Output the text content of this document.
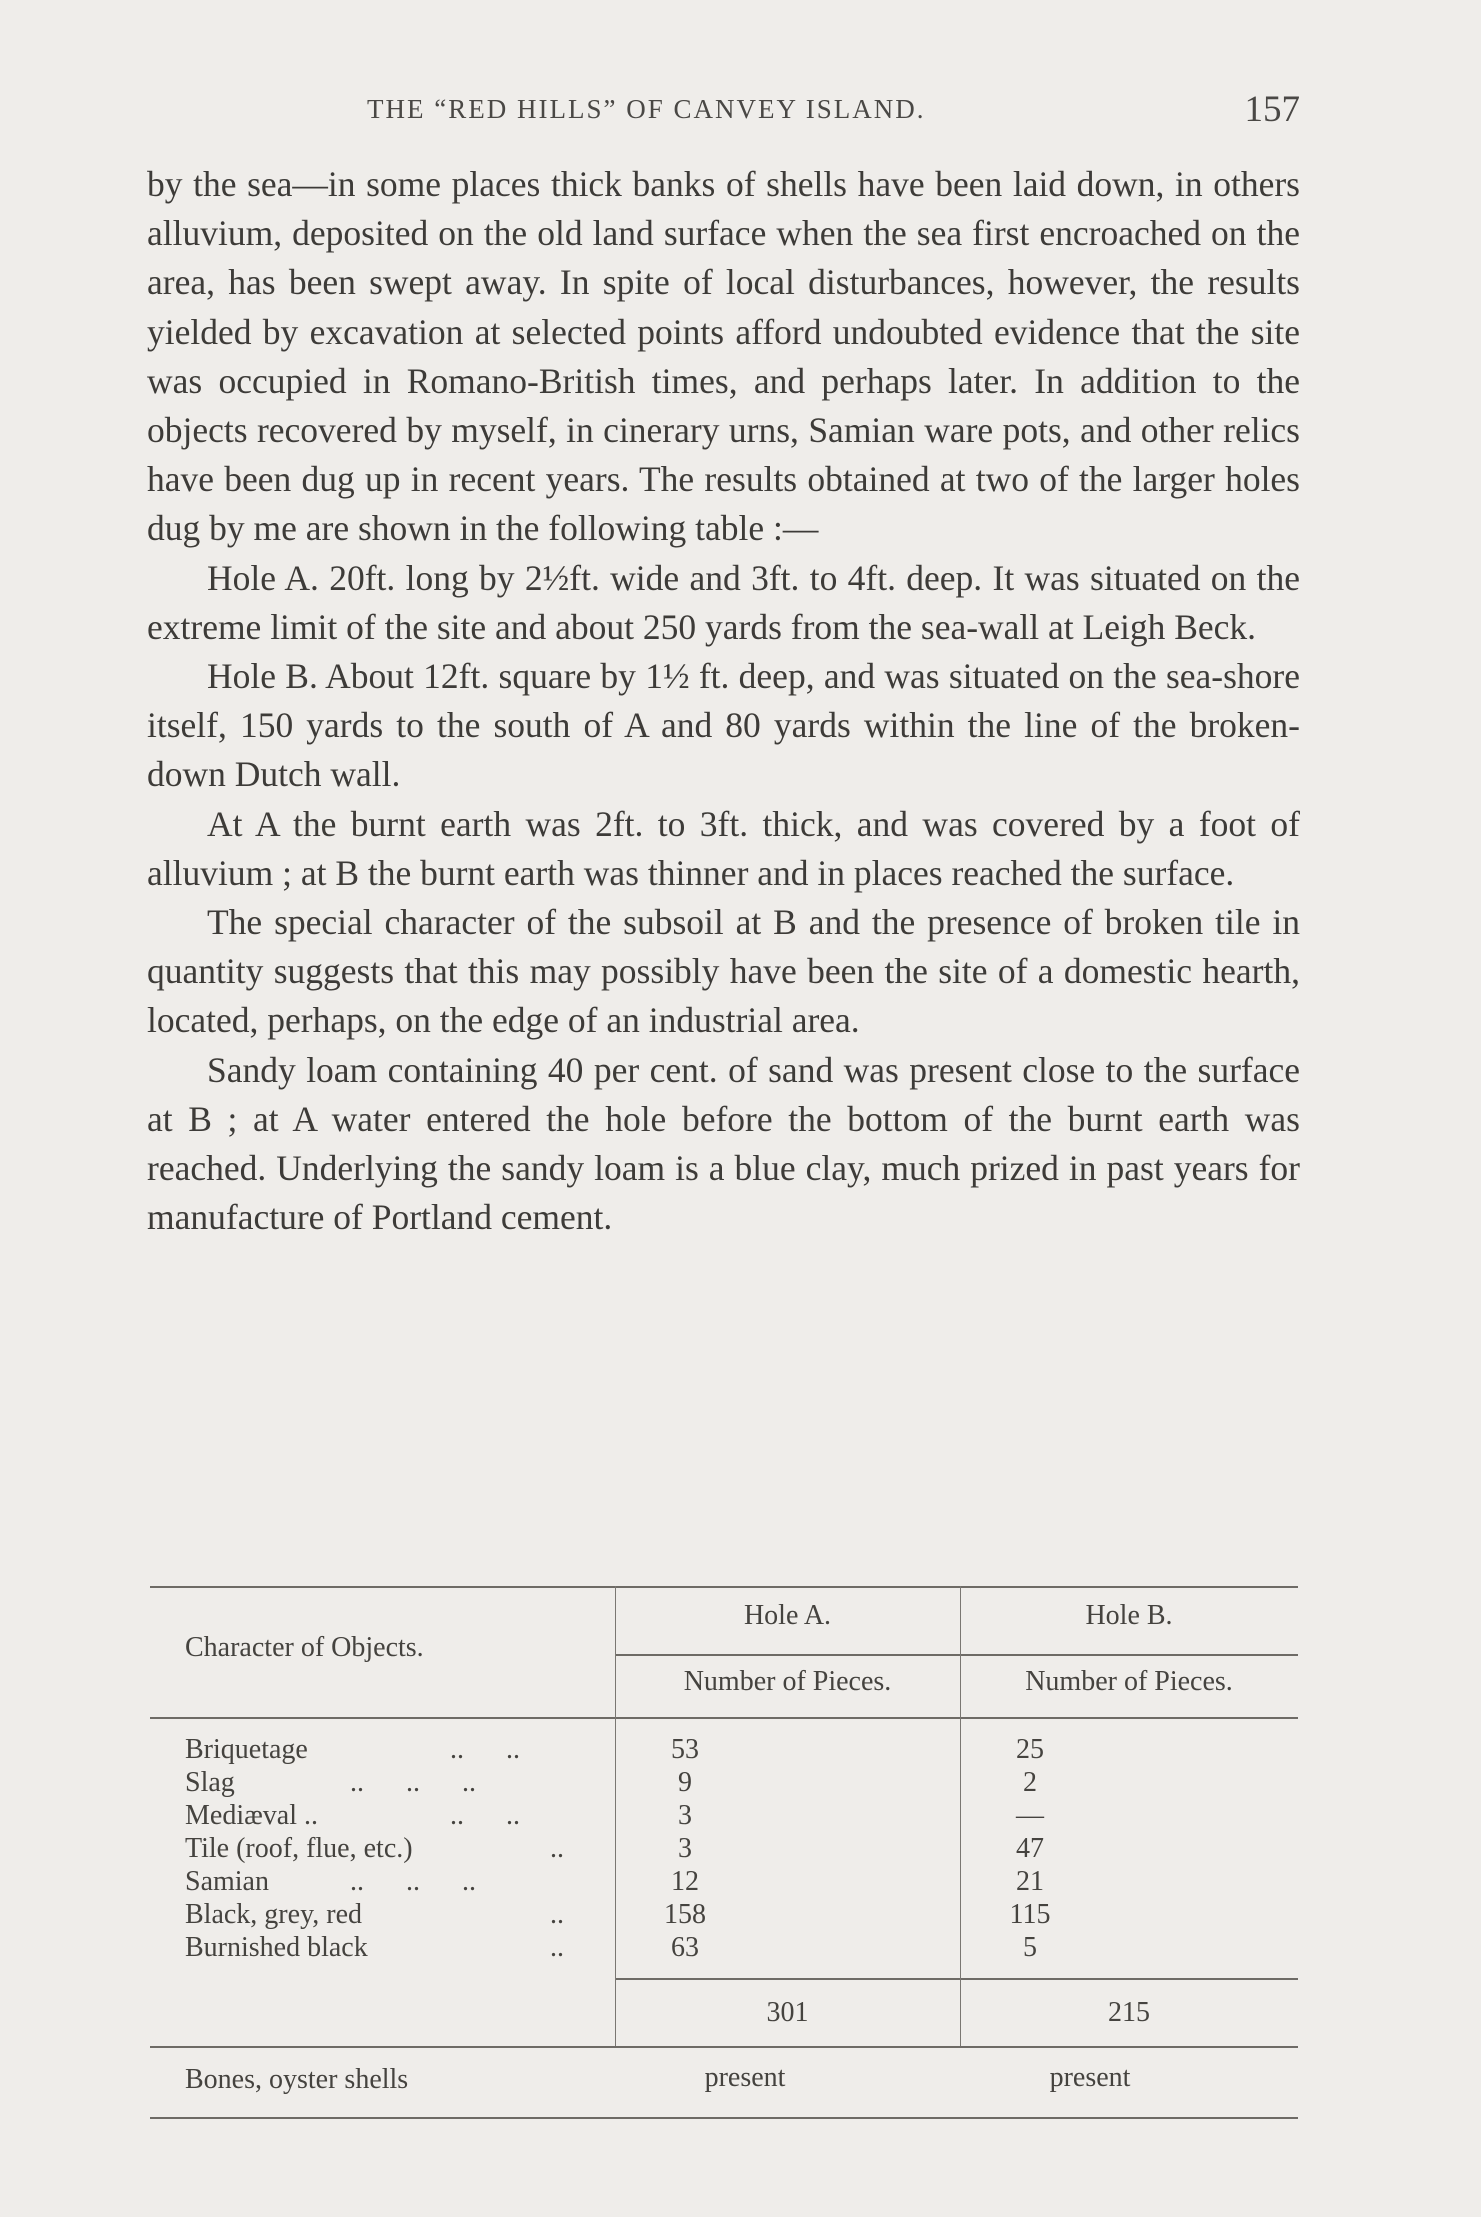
THE “RED HILLS” OF CANVEY ISLAND.	157

by the sea—in some places thick banks of shells have been laid down, in others alluvium, deposited on the old land surface when the sea first encroached on the area, has been swept away. In spite of local disturbances, however, the results yielded by excavation at selected points afford undoubted evidence that the site was occupied in Romano-British times, and perhaps later. In addition to the objects recovered by myself, in cinerary urns, Samian ware pots, and other relics have been dug up in recent years. The results obtained at two of the larger holes dug by me are shown in the following table :—

Hole A. 20ft. long by 2½ft. wide and 3ft. to 4ft. deep. It was situated on the extreme limit of the site and about 250 yards from the sea-wall at Leigh Beck.

Hole B. About 12ft. square by 1½ ft. deep, and was situated on the sea-shore itself, 150 yards to the south of A and 80 yards within the line of the broken-down Dutch wall.

At A the burnt earth was 2ft. to 3ft. thick, and was covered by a foot of alluvium ; at B the burnt earth was thinner and in places reached the surface.

The special character of the subsoil at B and the presence of broken tile in quantity suggests that this may possibly have been the site of a domestic hearth, located, perhaps, on the edge of an industrial area.

Sandy loam containing 40 per cent. of sand was present close to the surface at B ; at A water entered the hole before the bottom of the burnt earth was reached. Underlying the sandy loam is a blue clay, much prized in past years for manufacture of Portland cement.

Character of Objects.
Hole A.	Hole B.
Number of Pieces.	Number of Pieces.
Briquetage	..      ..	53	25
Slag	..      ..      ..	9	2
Mediæval ..	..      ..	3	—
Tile (roof, flue, etc.)	..	3	47
Samian	..      ..      ..	12	21
Black, grey, red	..	158	115
Burnished black	..	63	5
301	215
Bones, oyster shells	present	present
